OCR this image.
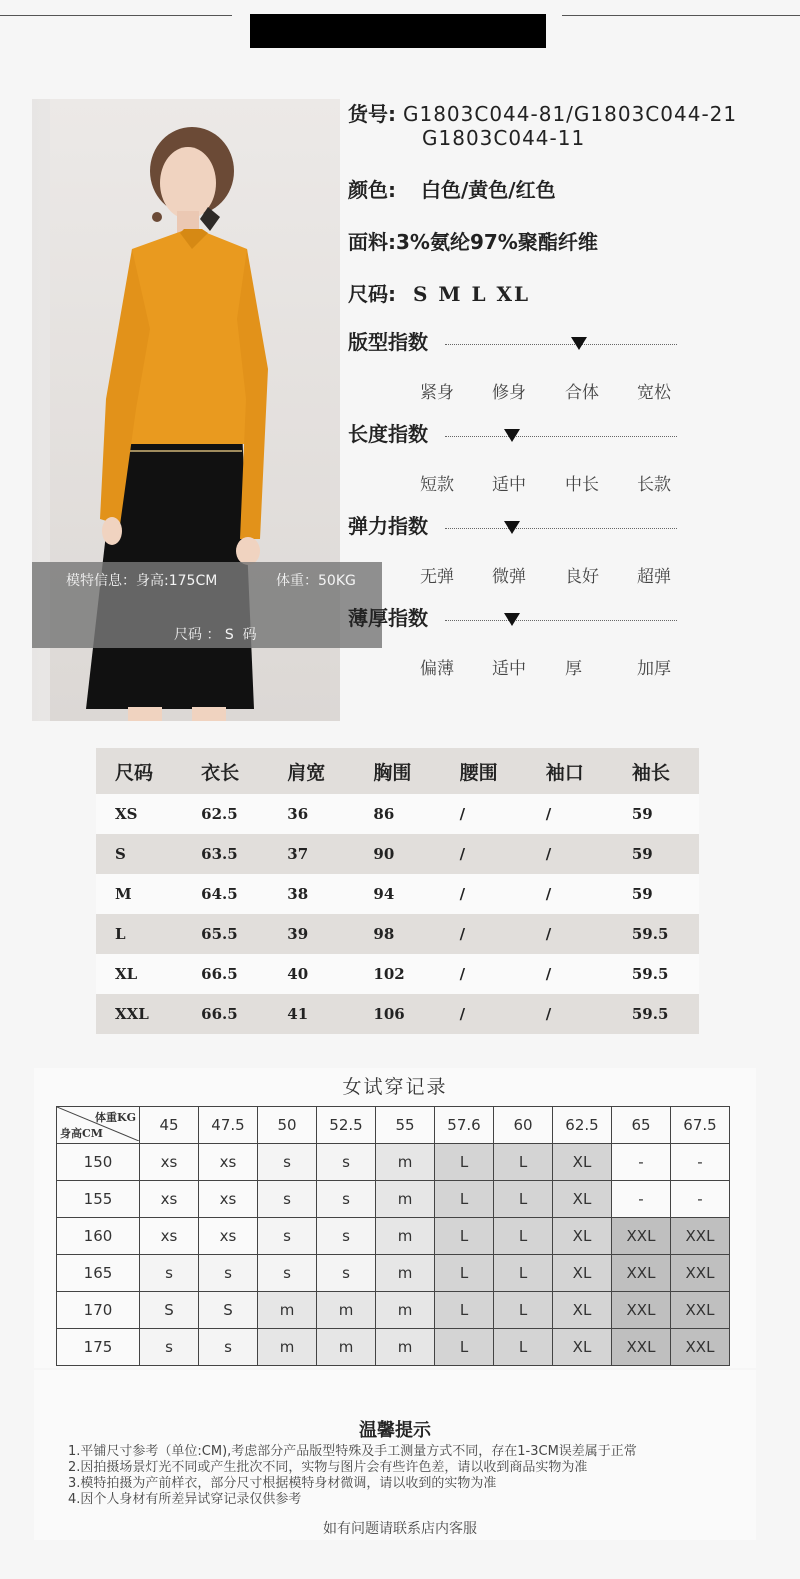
模特信息：身高:175CM	体重：50KG
尺码 ： S  码
货号: G1803C044-81/G1803C044-21
G1803C044-11
颜色: 白色/黄色/红色
面料:3%氨纶97%聚酯纤维
尺码: S M L XL
版型指数
紧身 修身 合体 宽松
长度指数
短款 适中 中长 长款
弹力指数
无弹 微弹 良好 超弹
薄厚指数
偏薄 适中 厚	加厚
尺码	衣长	肩宽	胸围	腰围	袖口	袖长
XS	62.5	36	86	/	/	59
S	63.5	37	90	/	/	59
M	64.5	38	94	/	/	59
L	65.5	39	98	/	/	59.5
XL	66.5	40	102	/	/	59.5
XXL	66.5	41	106	/	/	59.5
女试穿记录
体重KG
身高CM	45	47.5	50	52.5	55	57.6	60	62.5	65	67.5
150	xs	xs	s	s	m	L	L	XL	-	-
155	xs	xs	s	s	m	L	L	XL	-	-
160	xs	xs	s	s	m	L	L	XL	XXL	XXL
165	s	s	s	s	m	L	L	XL	XXL	XXL
170	S	S	m	m	m	L	L	XL	XXL	XXL
175	s	s	m	m	m	L	L	XL	XXL	XXL
温馨提示
1.平铺尺寸参考（单位:CM),考虑部分产品版型特殊及手工测量方式不同，存在1-3CM误差属于正常
2.因拍摄场景灯光不同或产生批次不同，实物与图片会有些许色差，请以收到商品实物为准
3.模特拍摄为产前样衣，部分尺寸根据模特身材微调，请以收到的实物为准
4.因个人身材有所差异试穿记录仅供参考
如有问题请联系店内客服
